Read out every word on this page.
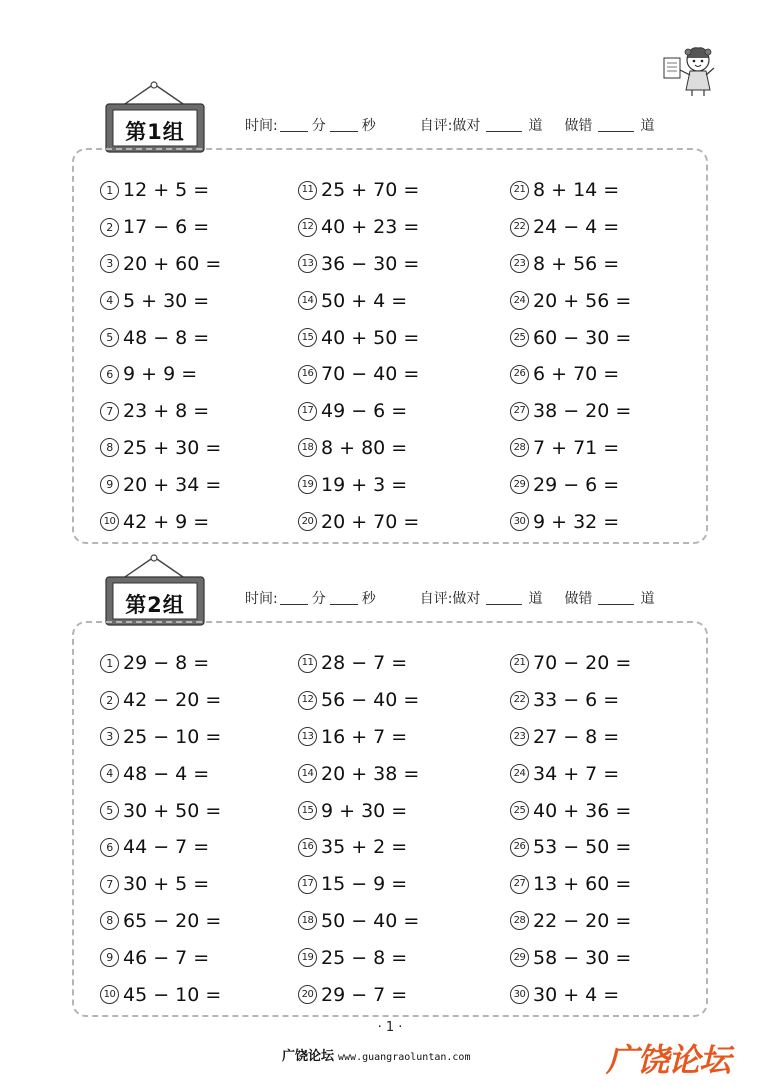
第1组	时间: 分	秒	自评:做对	道 做错	道
1 12 + 5 =
2 17 − 6 =
3 20 + 60 =
4 5 + 30 =
5 48 − 8 =
6 9 + 9 =
7 23 + 8 =
8 25 + 30 =
9 20 + 34 =
10 42 + 9 =
11 25 + 70 =
12 40 + 23 =
13 36 − 30 =
14 50 + 4 =
15 40 + 50 =
16 70 − 40 =
17 49 − 6 =
18 8 + 80 =
19 19 + 3 =
20 20 + 70 =
21 8 + 14 =
22 24 − 4 =
23 8 + 56 =
24 20 + 56 =
25 60 − 30 =
26 6 + 70 =
27 38 − 20 =
28 7 + 71 =
29 29 − 6 =
30 9 + 32 =
第2组	时间: 分	秒	自评:做对	道 做错	道
1 29 − 8 =
2 42 − 20 =
3 25 − 10 =
4 48 − 4 =
5 30 + 50 =
6 44 − 7 =
7 30 + 5 =
8 65 − 20 =
9 46 − 7 =
10 45 − 10 =
11 28 − 7 =
12 56 − 40 =
13 16 + 7 =
14 20 + 38 =
15 9 + 30 =
16 35 + 2 =
17 15 − 9 =
18 50 − 40 =
19 25 − 8 =
20 29 − 7 =
21 70 − 20 =
22 33 − 6 =
23 27 − 8 =
24 34 + 7 =
25 40 + 36 =
26 53 − 50 =
27 13 + 60 =
28 22 − 20 =
29 58 − 30 =
30 30 + 4 =
· 1 ·
广饶论坛 www.guangraoluntan.com	广饶论坛
